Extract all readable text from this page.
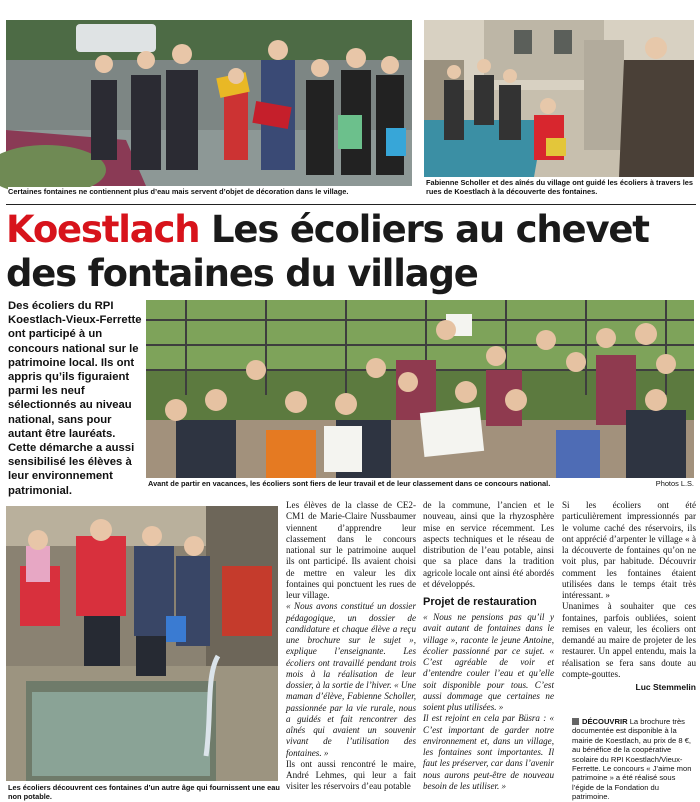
Certaines fontaines ne contiennent plus d’eau mais servent d’objet de décoration dans le village.
Fabienne Scholler et des aînés du village ont guidé les écoliers à travers les rues de Koestlach à la découverte des fontaines.
Koestlach Les écoliers au chevet des fontaines du village
Des écoliers du RPI Koestlach-Vieux-Ferrette ont participé à un concours national sur le patrimoine local. Ils ont appris qu’ils figuraient parmi les neuf sélectionnés au niveau national, sans pour autant être lauréats. Cette démarche a aussi sensibilisé les élèves à leur environnement patrimonial.
Avant de partir en vacances, les écoliers sont fiers de leur travail et de leur classement dans ce concours national.	Photos L.S.
Les écoliers découvrent ces fontaines d’un autre âge qui fournissent une eau non potable.

Les élèves de la classe de CE2-CM1 de Marie-Claire Nussbaumer viennent d’apprendre leur classement dans le concours national sur le patrimoine auquel ils ont participé. Ils avaient choisi de mettre en valeur les dix fontaines qui ponctuent les rues de leur village.

« Nous avons constitué un dossier pédagogique, un dossier de candidature et chaque élève a reçu une brochure sur le sujet », explique l’enseignante. Les écoliers ont travaillé pendant trois mois à la réalisation de leur dossier, à la sortie de l’hiver. « Une maman d’élève, Fabienne Scholler, passionnée par la vie rurale, nous a guidés et fait rencontrer des aînés qui avaient un souvenir vivant de l’utilisation des fontaines. »

Ils ont aussi rencontré le maire, André Lehmes, qui leur a fait visiter les réservoirs d’eau potable

de la commune, l’ancien et le nouveau, ainsi que la rhyzosphère mise en service récemment. Les aspects techniques et le réseau de distribution de l’eau potable, ainsi que sa place dans la tradition agricole locale ont ainsi été abordés et développés.

Projet de restauration

« Nous ne pensions pas qu’il y avait autant de fontaines dans le village », raconte le jeune Antoine, écolier passionné par ce sujet. « C’est agréable de voir et d’entendre couler l’eau et qu’elle soit disponible pour tous. C’est aussi dommage que certaines ne soient plus utilisées. »

Il est rejoint en cela par Büsra : « C’est important de garder notre environnement et, dans un village, les fontaines sont importantes. Il faut les préserver, car dans l’avenir nous aurons peut-être de nouveau besoin de les utiliser. »

Si les écoliers ont été particulièrement impressionnés par le volume caché des réservoirs, ils ont apprécié d’arpenter le village « à la découverte de fontaines qu’on ne voit plus, par habitude. Découvrir comment les fontaines étaient utilisées dans le temps était très intéressant. »

Unanimes à souhaiter que ces fontaines, parfois oubliées, soient remises en valeur, les écoliers ont demandé au maire de projeter de les restaurer. Un appel entendu, mais la réalisation se fera sans doute au compte-gouttes.

Luc Stemmelin
DÉCOUVRIR La brochure très documentée est disponible à la mairie de Koestlach, au prix de 8 €, au bénéfice de la coopérative scolaire du RPI Koestlach/Vieux-Ferrette. Le concours « J’aime mon patrimoine » a été réalisé sous l’égide de la Fondation du patrimoine.
